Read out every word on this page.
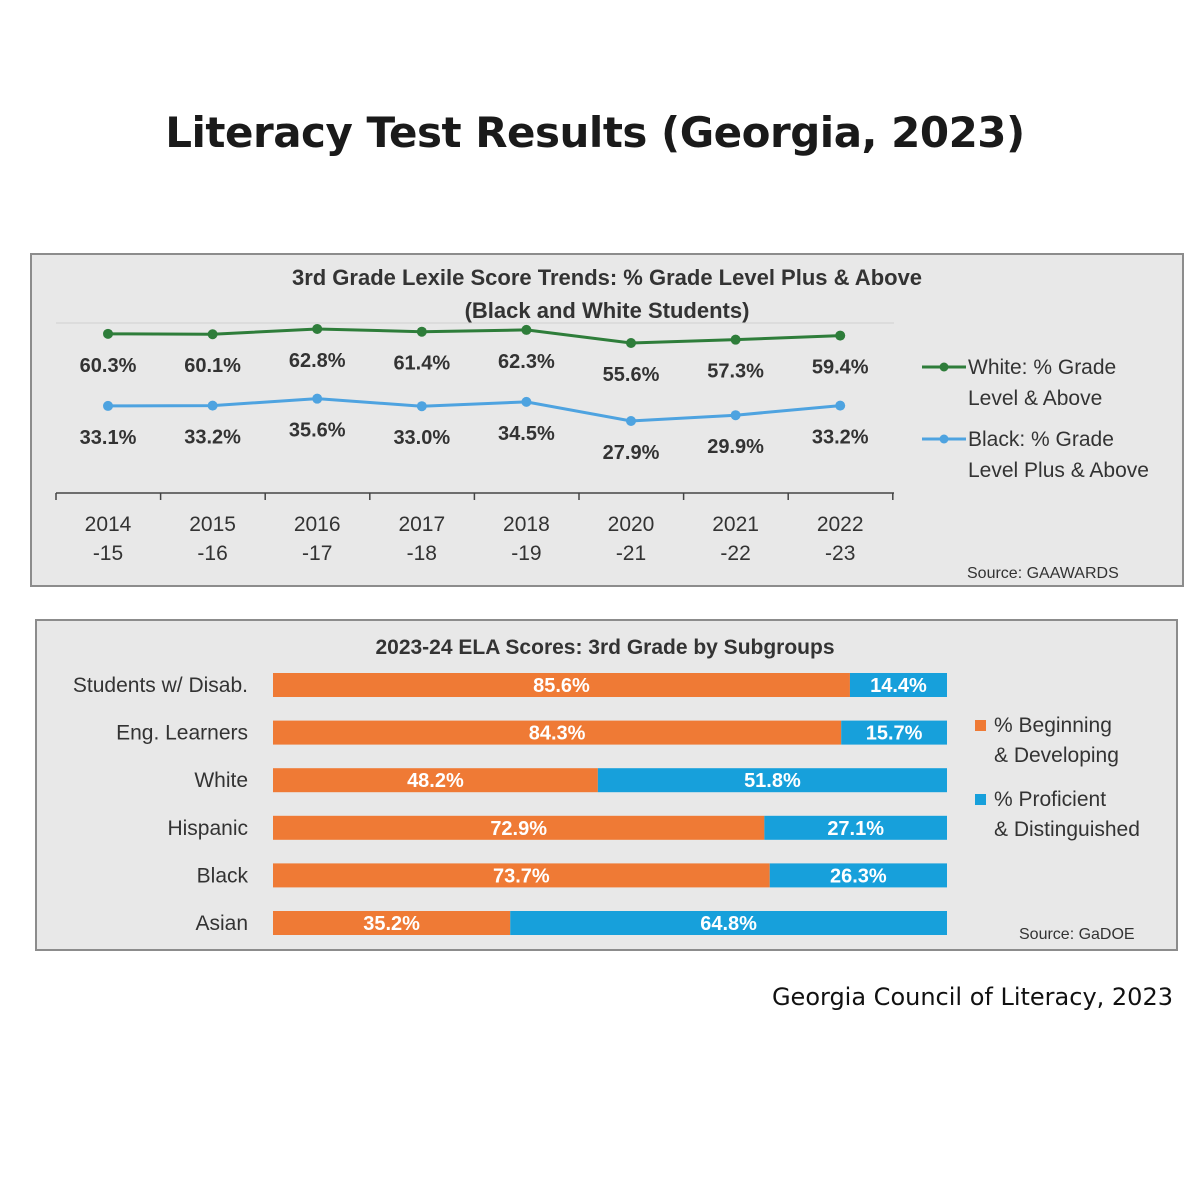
Literacy Test Results (Georgia, 2023)
3rd Grade Lexile Score Trends: % Grade Level Plus & Above
(Black and White Students)
2014
-15
2015
-16
2016
-17
2017
-18
2018
-19
2020
-21
2021
-22
2022
-23
60.3% 60.1% 62.8% 61.4% 62.3%
55.6% 57.3% 59.4%
33.1% 33.2% 35.6% 33.0% 34.5%
27.9% 29.9% 33.2%
White: % Grade
Level & Above
Black: % Grade
Level Plus & Above
Source: GAAWARDS
2023-24 ELA Scores: 3rd Grade by Subgroups
Students w/ Disab.	85.6%	14.4%
Eng. Learners	84.3%	15.7%
White	48.2%	51.8%
Hispanic	72.9%	27.1%
Black	73.7%	26.3%
Asian	35.2%	64.8%
% Beginning
& Developing
% Proficient
& Distinguished
Source: GaDOE
Georgia Council of Literacy, 2023
